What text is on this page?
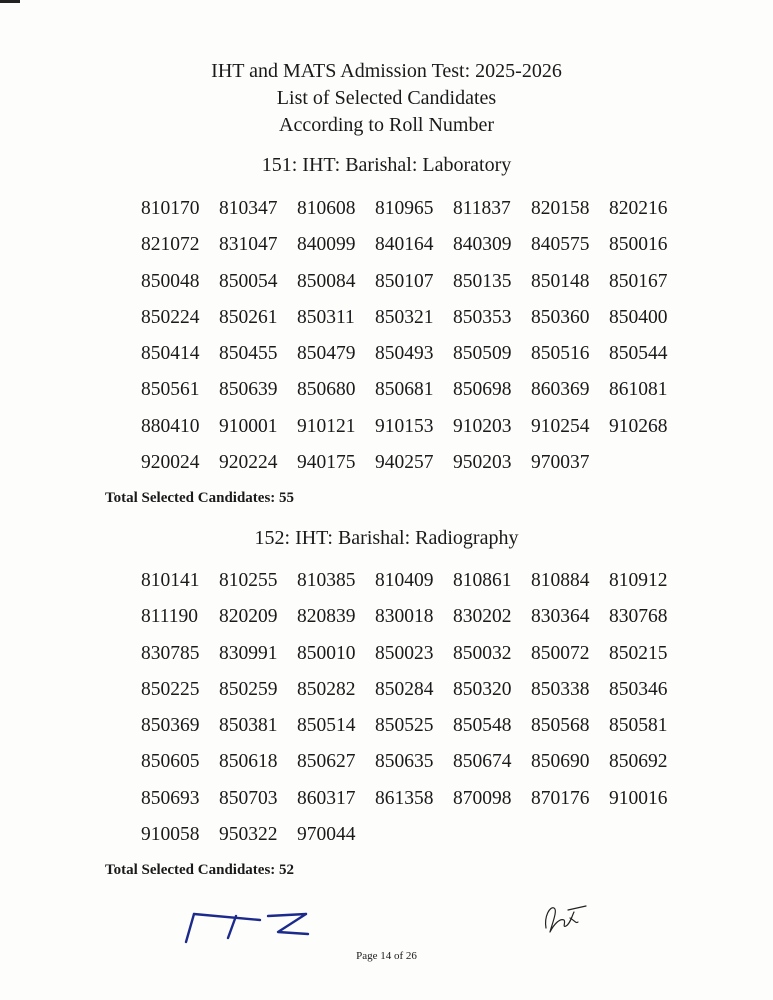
IHT and MATS Admission Test: 2025-2026
List of Selected Candidates
According to Roll Number
151: IHT: Barishal: Laboratory
810170	810347	810608	810965	811837	820158	820216
821072	831047	840099	840164	840309	840575	850016
850048	850054	850084	850107	850135	850148	850167
850224	850261	850311	850321	850353	850360	850400
850414	850455	850479	850493	850509	850516	850544
850561	850639	850680	850681	850698	860369	861081
880410	910001	910121	910153	910203	910254	910268
920024	920224	940175	940257	950203	970037
Total Selected Candidates: 55
152: IHT: Barishal: Radiography
810141	810255	810385	810409	810861	810884	810912
811190	820209	820839	830018	830202	830364	830768
830785	830991	850010	850023	850032	850072	850215
850225	850259	850282	850284	850320	850338	850346
850369	850381	850514	850525	850548	850568	850581
850605	850618	850627	850635	850674	850690	850692
850693	850703	860317	861358	870098	870176	910016
910058	950322	970044
Total Selected Candidates: 52
Page 14 of 26
